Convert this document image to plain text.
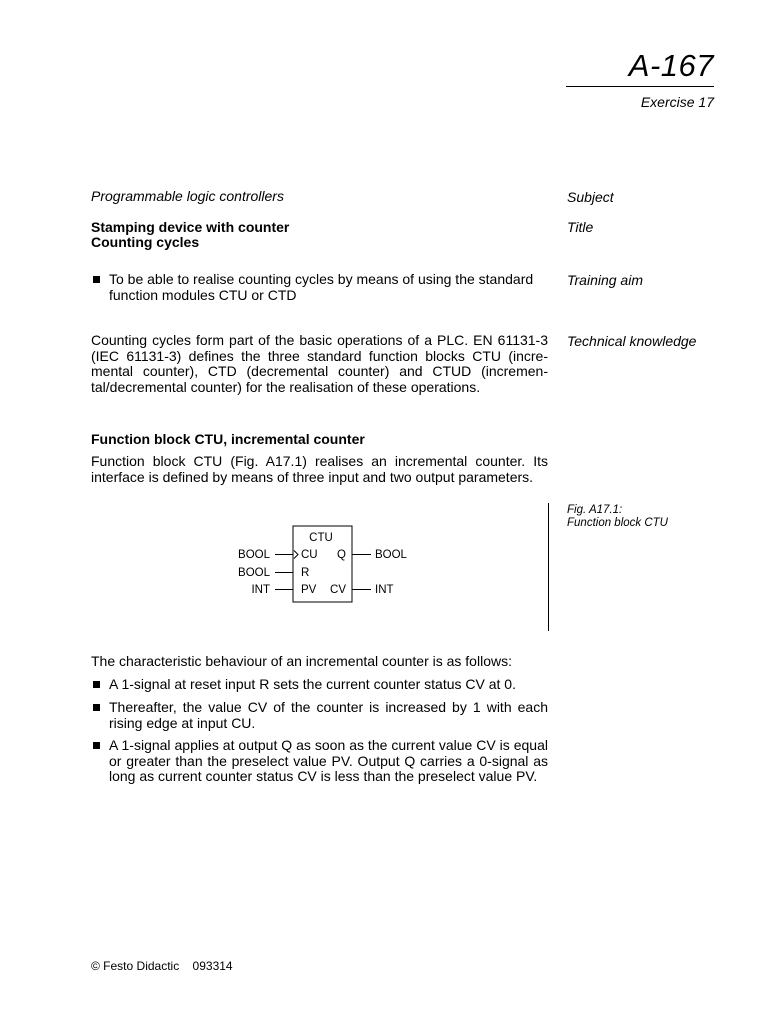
A-167
Exercise 17
Programmable logic controllers	Subject
Stamping device with counter
Counting cycles
Title
To be able to realise counting cycles by means of using the standard function modules CTU or CTD
Training aim
Counting cycles form part of the basic operations of a PLC. EN 61131-3 (IEC 61131-3) defines the three standard function blocks CTU (incre-mental counter), CTD (decremental counter) and CTUD (incremen-tal/decremental counter) for the realisation of these operations.
Technical knowledge
Function block CTU, incremental counter
Function block CTU (Fig. A17.1) realises an incremental counter. Its interface is defined by means of three input and two output parameters.
Fig. A17.1:
Function block CTU
CTU
BOOL
BOOL
INT
CU
R
PV
Q
CV
BOOL
INT
The characteristic behaviour of an incremental counter is as follows:
A 1-signal at reset input R sets the current counter status CV at 0.
Thereafter, the value CV of the counter is increased by 1 with each rising edge at input CU.
A 1-signal applies at output Q as soon as the current value CV is equal or greater than the preselect value PV. Output Q carries a 0-signal as long as current counter status CV is less than the preselect value PV.
© Festo Didactic 093314
